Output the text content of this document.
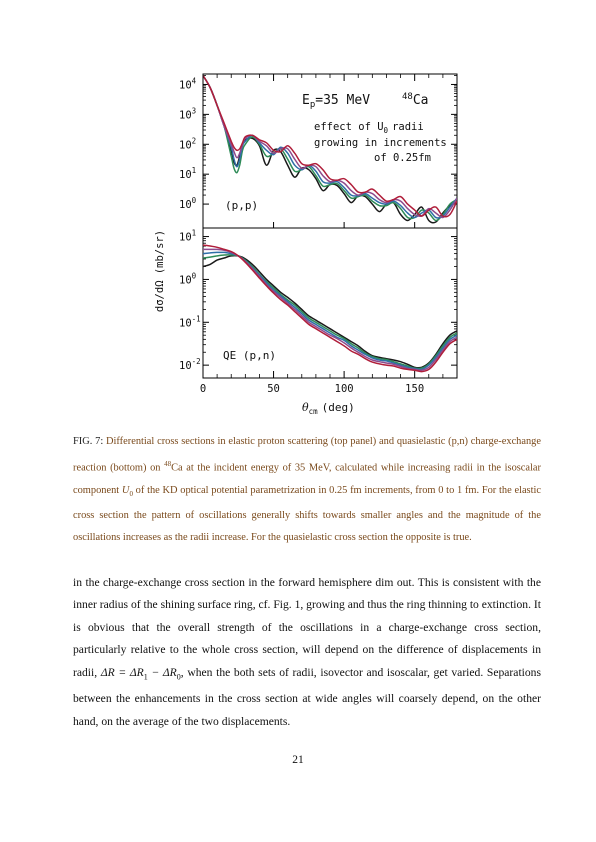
$10^0$
$10^1$
$10^2$
$10^3$
$10^4$
$10^1$
$10^0$
$10^{-1}$
$10^{-2}$
0	50	100	150
$E_p=35$ MeV	$^{48}$Ca
effect of $U_0$ radii
growing in increments
of 0.25fm
(p,p)
QE (p,n)
dσ/dΩ (mb/sr)
$\theta_{cm}$ (deg)

FIG. 7: Differential cross sections in elastic proton scattering (top panel) and quasielastic (p,n) charge-exchange reaction (bottom) on $^{48}$Ca at the incident energy of 35 MeV, calculated while increasing radii in the isoscalar component $U_0$ of the KD optical potential parametrization in 0.25 fm increments, from 0 to 1 fm. For the elastic cross section the pattern of oscillations generally shifts towards smaller angles and the magnitude of the oscillations increases as the radii increase. For the quasielastic cross section the opposite is true.

in the charge-exchange cross section in the forward hemisphere dim out. This is consistent with the inner radius of the shining surface ring, cf. Fig. 1, growing and thus the ring thinning to extinction. It is obvious that the overall strength of the oscillations in a charge-exchange cross section, particularly relative to the whole cross section, will depend on the difference of displacements in radii, $\Delta R = \Delta R_1 - \Delta R_0$, when the both sets of radii, isovector and isoscalar, get varied. Separations between the enhancements in the cross section at wide angles will coarsely depend, on the other hand, on the average of the two displacements.

21
